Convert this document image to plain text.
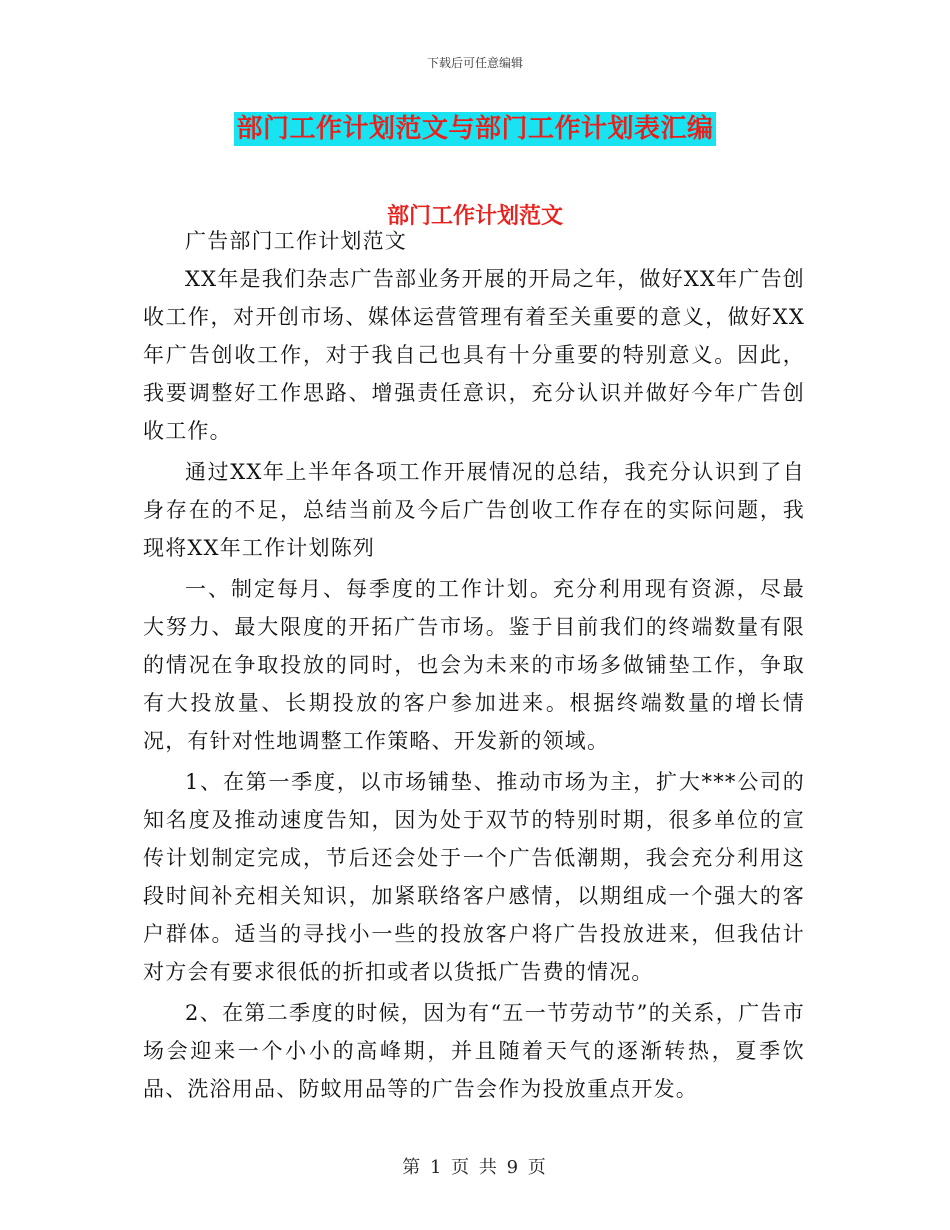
下载后可任意编辑
部门工作计划范文与部门工作计划表汇编
部门工作计划范文

广告部门工作计划范文

XX年是我们杂志广告部业务开展的开局之年，做好XX年广告创收工作，对开创市场、媒体运营管理有着至关重要的意义，做好XX年广告创收工作，对于我自己也具有十分重要的特别意义。因此，我要调整好工作思路、增强责任意识，充分认识并做好今年广告创收工作。

通过XX年上半年各项工作开展情况的总结，我充分认识到了自身存在的不足，总结当前及今后广告创收工作存在的实际问题，我现将XX年工作计划陈列

一、制定每月、每季度的工作计划。充分利用现有资源，尽最大努力、最大限度的开拓广告市场。鉴于目前我们的终端数量有限的情况在争取投放的同时，也会为未来的市场多做铺垫工作，争取有大投放量、长期投放的客户参加进来。根据终端数量的增长情况，有针对性地调整工作策略、开发新的领域。

1、在第一季度，以市场铺垫、推动市场为主，扩大***公司的知名度及推动速度告知，因为处于双节的特别时期，很多单位的宣传计划制定完成，节后还会处于一个广告低潮期，我会充分利用这段时间补充相关知识，加紧联络客户感情，以期组成一个强大的客户群体。适当的寻找小一些的投放客户将广告投放进来，但我估计对方会有要求很低的折扣或者以货抵广告费的情况。

2、在第二季度的时候，因为有“五一节劳动节”的关系，广告市场会迎来一个小小的高峰期，并且随着天气的逐渐转热，夏季饮品、洗浴用品、防蚊用品等的广告会作为投放重点开发。

第 1 页 共 9 页
